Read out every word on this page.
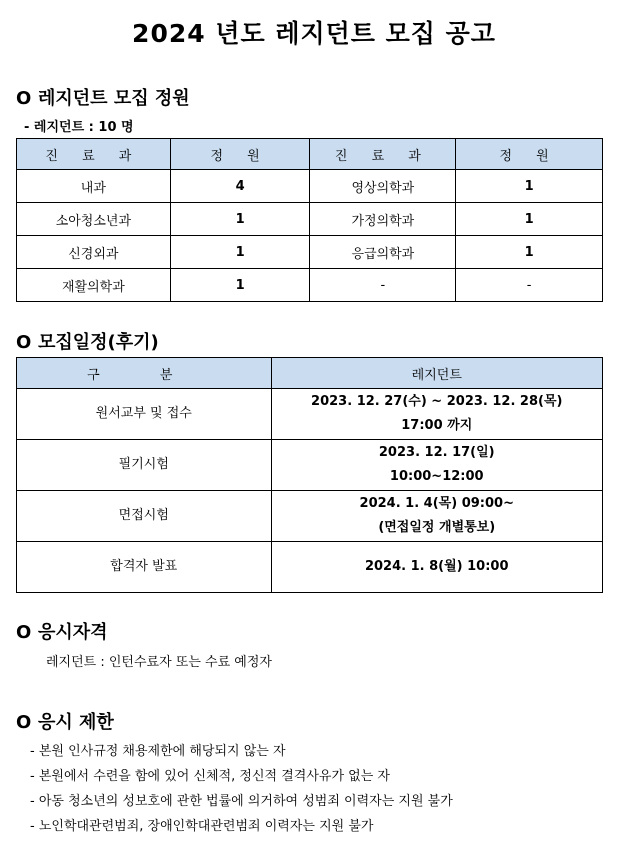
2024 년도 레지던트 모집 공고
O 레지던트 모집 정원
- 레지던트 : 10 명
진 료 과	정 원	진 료 과	정 원
내과	4	영상의학과	1
소아청소년과	1	가정의학과	1
신경외과	1	응급의학과	1
재활의학과	1	-	-
O 모집일정(후기)
구 분	레지던트
원서교부 및 접수	2023. 12. 27(수) ~ 2023. 12. 28(목)
17:00 까지

필기시험	2023. 12. 17(일)
10:00~12:00

면접시험	2024. 1. 4(목) 09:00~
(면접일정 개별통보)

합격자 발표	2024. 1. 8(월) 10:00
O 응시자격
레지던트 : 인턴수료자 또는 수료 예정자
O 응시 제한
- 본원 인사규정 채용제한에 해당되지 않는 자
- 본원에서 수련을 함에 있어 신체적, 정신적 결격사유가 없는 자
- 아동 청소년의 성보호에 관한 법률에 의거하여 성범죄 이력자는 지원 불가
- 노인학대관련범죄, 장애인학대관련범죄 이력자는 지원 불가
